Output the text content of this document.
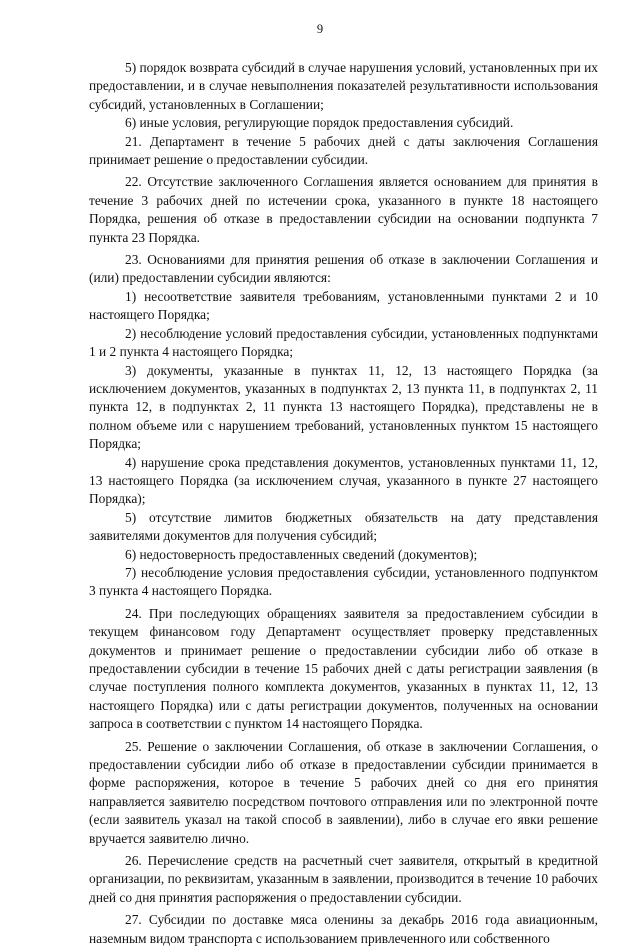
9

5) порядок возврата субсидий в случае нарушения условий, установленных при их предоставлении, и в случае невыполнения показателей результативности использования субсидий, установленных в Соглашении;

6) иные условия, регулирующие порядок предоставления субсидий.

21. Департамент в течение 5 рабочих дней с даты заключения Соглашения принимает решение о предоставлении субсидии.

22. Отсутствие заключенного Соглашения является основанием для принятия в течение 3 рабочих дней по истечении срока, указанного в пункте 18 настоящего Порядка, решения об отказе в предоставлении субсидии на основании подпункта 7 пункта 23 Порядка.

23. Основаниями для принятия решения об отказе в заключении Соглашения и (или) предоставлении субсидии являются:

1) несоответствие заявителя требованиям, установленными пунктами 2 и 10 настоящего Порядка;

2) несоблюдение условий предоставления субсидии, установленных подпунктами 1 и 2 пункта 4 настоящего Порядка;

3) документы, указанные в пунктах 11, 12, 13 настоящего Порядка (за исключением документов, указанных в подпунктах 2, 13 пункта 11, в подпунктах 2, 11 пункта 12, в подпунктах 2, 11 пункта 13 настоящего Порядка), представлены не в полном объеме или с нарушением требований, установленных пунктом 15 настоящего Порядка;

4) нарушение срока представления документов, установленных пунктами 11, 12, 13 настоящего Порядка (за исключением случая, указанного в пункте 27 настоящего Порядка);

5) отсутствие лимитов бюджетных обязательств на дату представления заявителями документов для получения субсидий;

6) недостоверность предоставленных сведений (документов);

7) несоблюдение условия предоставления субсидии, установленного подпунктом 3 пункта 4 настоящего Порядка.

24. При последующих обращениях заявителя за предоставлением субсидии в текущем финансовом году Департамент осуществляет проверку представленных документов и принимает решение о предоставлении субсидии либо об отказе в предоставлении субсидии в течение 15 рабочих дней с даты регистрации заявления (в случае поступления полного комплекта документов, указанных в пунктах 11, 12, 13 настоящего Порядка) или с даты регистрации документов, полученных на основании запроса в соответствии с пунктом 14 настоящего Порядка.

25. Решение о заключении Соглашения, об отказе в заключении Соглашения, о предоставлении субсидии либо об отказе в предоставлении субсидии принимается в форме распоряжения, которое в течение 5 рабочих дней со дня его принятия направляется заявителю посредством почтового отправления или по электронной почте (если заявитель указал на такой способ в заявлении), либо в случае его явки решение вручается заявителю лично.

26. Перечисление средств на расчетный счет заявителя, открытый в кредитной организации, по реквизитам, указанным в заявлении, производится в течение 10 рабочих дней со дня принятия распоряжения о предоставлении субсидии.

27. Субсидии по доставке мяса оленины за декабрь 2016 года авиационным, наземным видом транспорта с использованием привлеченного или собственного
